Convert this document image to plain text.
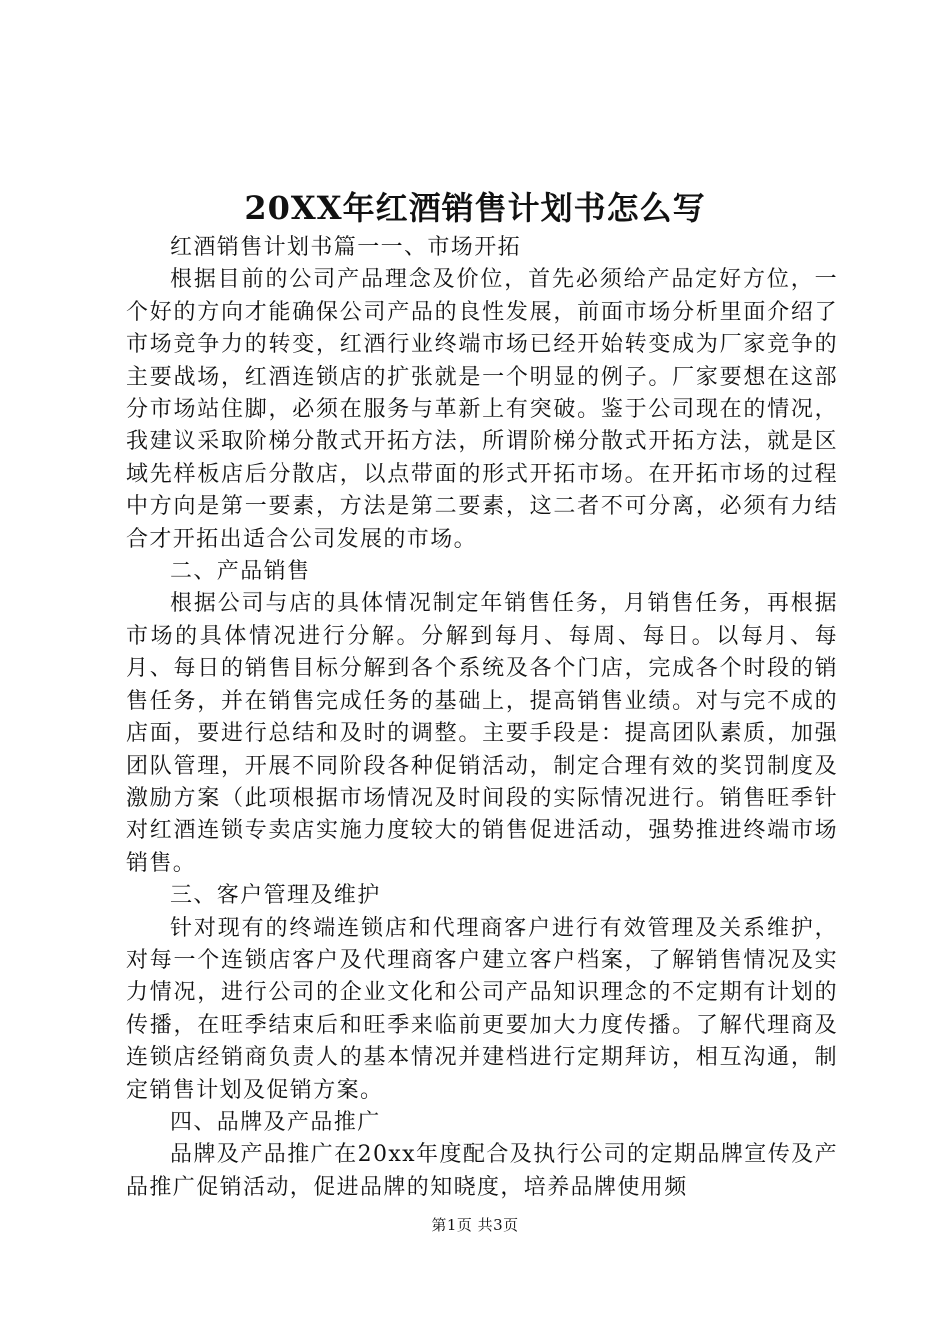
20XX年红酒销售计划书怎么写

红酒销售计划书篇一一、市场开拓

根据目前的公司产品理念及价位，首先必须给产品定好方位，一个好的方向才能确保公司产品的良性发展，前面市场分析里面介绍了市场竞争力的转变，红酒行业终端市场已经开始转变成为厂家竞争的主要战场，红酒连锁店的扩张就是一个明显的例子。厂家要想在这部分市场站住脚，必须在服务与革新上有突破。鉴于公司现在的情况，我建议采取阶梯分散式开拓方法，所谓阶梯分散式开拓方法，就是区域先样板店后分散店，以点带面的形式开拓市场。在开拓市场的过程中方向是第一要素，方法是第二要素，这二者不可分离，必须有力结合才开拓出适合公司发展的市场。

二、产品销售

根据公司与店的具体情况制定年销售任务，月销售任务，再根据市场的具体情况进行分解。分解到每月、每周、每日。以每月、每月、每日的销售目标分解到各个系统及各个门店，完成各个时段的销售任务，并在销售完成任务的基础上，提高销售业绩。对与完不成的店面，要进行总结和及时的调整。主要手段是：提高团队素质，加强团队管理，开展不同阶段各种促销活动，制定合理有效的奖罚制度及激励方案（此项根据市场情况及时间段的实际情况进行。销售旺季针对红酒连锁专卖店实施力度较大的销售促进活动，强势推进终端市场销售。

三、客户管理及维护

针对现有的终端连锁店和代理商客户进行有效管理及关系维护，对每一个连锁店客户及代理商客户建立客户档案，了解销售情况及实力情况，进行公司的企业文化和公司产品知识理念的不定期有计划的传播，在旺季结束后和旺季来临前更要加大力度传播。了解代理商及连锁店经销商负责人的基本情况并建档进行定期拜访，相互沟通，制定销售计划及促销方案。

四、品牌及产品推广

品牌及产品推广在20xx年度配合及执行公司的定期品牌宣传及产品推广促销活动，促进品牌的知晓度，培养品牌使用频

第1页 共3页
